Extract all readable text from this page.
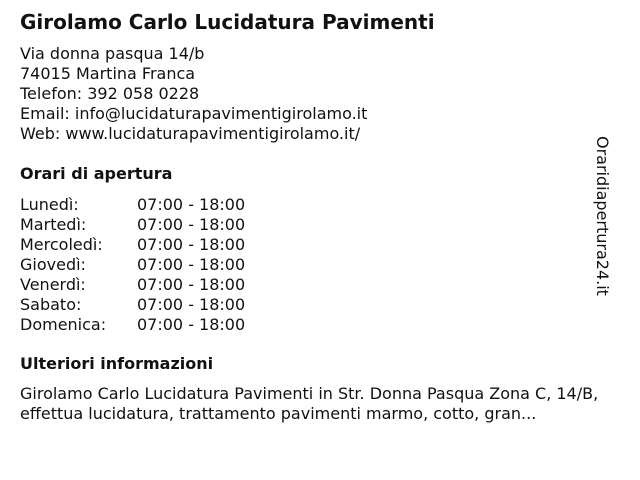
Girolamo Carlo Lucidatura Pavimenti
Via donna pasqua 14/b
74015 Martina Franca
Telefon: 392 058 0228
Email: info@lucidaturapavimentigirolamo.it
Web: www.lucidaturapavimentigirolamo.it/
Orari di apertura
Lunedì:	07:00 - 18:00
Martedì:	07:00 - 18:00
Mercoledì: 07:00 - 18:00
Giovedì:	07:00 - 18:00
Venerdì:	07:00 - 18:00
Sabato:	07:00 - 18:00
Domenica: 07:00 - 18:00
Ulteriori informazioni
Girolamo Carlo Lucidatura Pavimenti in Str. Donna Pasqua Zona C, 14/B, effettua lucidatura, trattamento pavimenti marmo, cotto, gran...
Oraridiapertura24.it
